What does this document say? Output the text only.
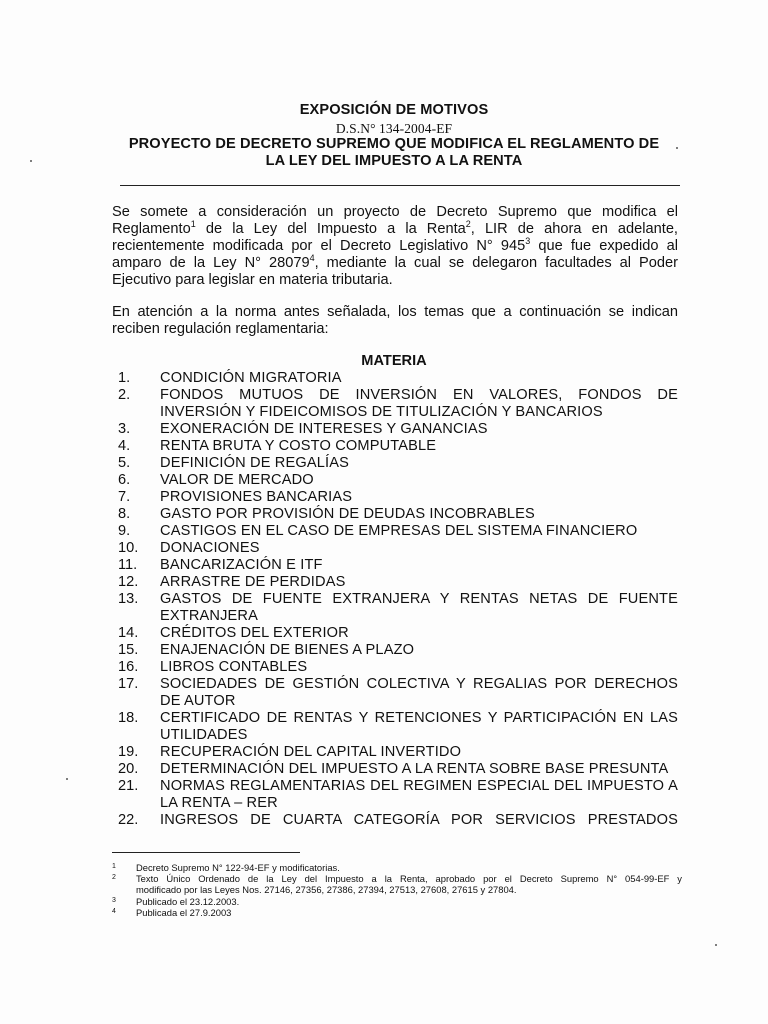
EXPOSICIÓN DE MOTIVOS
D.S.N° 134-2004-EF
PROYECTO DE DECRETO SUPREMO QUE MODIFICA EL REGLAMENTO DE
LA LEY DEL IMPUESTO A LA RENTA
Se somete a consideración un proyecto de Decreto Supremo que modifica el
Reglamento$^1$ de la Ley del Impuesto a la Renta$^2$, LIR de ahora en adelante,
recientemente modificada por el Decreto Legislativo N° $945^3$ que fue expedido al
amparo de la Ley N° 28079$^4$, mediante la cual se delegaron facultades al Poder
Ejecutivo para legislar en materia tributaria.
En atención a la norma antes señalada, los temas que a continuación se indican
reciben regulación reglamentaria:
MATERIA
1.	CONDICIÓN MIGRATORIA
2.	FONDOS MUTUOS DE INVERSIÓN EN VALORES, FONDOS DE INVERSIÓN Y FIDEICOMISOS DE TITULIZACIÓN Y BANCARIOS
3.	EXONERACIÓN DE INTERESES Y GANANCIAS
4.	RENTA BRUTA Y COSTO COMPUTABLE
5.	DEFINICIÓN DE REGALÍAS
6.	VALOR DE MERCADO
7.	PROVISIONES BANCARIAS
8.	GASTO POR PROVISIÓN DE DEUDAS INCOBRABLES
9.	CASTIGOS EN EL CASO DE EMPRESAS DEL SISTEMA FINANCIERO
10.	DONACIONES
11.	BANCARIZACIÓN E ITF
12.	ARRASTRE DE PERDIDAS
13.	GASTOS DE FUENTE EXTRANJERA Y RENTAS NETAS DE FUENTE EXTRANJERA
14.	CRÉDITOS DEL EXTERIOR
15.	ENAJENACIÓN DE BIENES A PLAZO
16.	LIBROS CONTABLES
17.	SOCIEDADES DE GESTIÓN COLECTIVA Y REGALIAS POR DERECHOS DE AUTOR
18.	CERTIFICADO DE RENTAS Y RETENCIONES Y PARTICIPACIÓN EN LAS UTILIDADES
19.	RECUPERACIÓN DEL CAPITAL INVERTIDO
20.	DETERMINACIÓN DEL IMPUESTO A LA RENTA SOBRE BASE PRESUNTA
21.	NORMAS REGLAMENTARIAS DEL REGIMEN ESPECIAL DEL IMPUESTO A LA RENTA – RER
22.	INGRESOS DE CUARTA CATEGORÍA POR SERVICIOS PRESTADOS
1	Decreto Supremo N° 122-94-EF y modificatorias.
2	Texto Único Ordenado de la Ley del Impuesto a la Renta, aprobado por el Decreto Supremo N° 054-99-EF y
modificado por las Leyes Nos. 27146, 27356, 27386, 27394, 27513, 27608, 27615 y 27804.
3	Publicado el 23.12.2003.
4	Publicada el 27.9.2003
